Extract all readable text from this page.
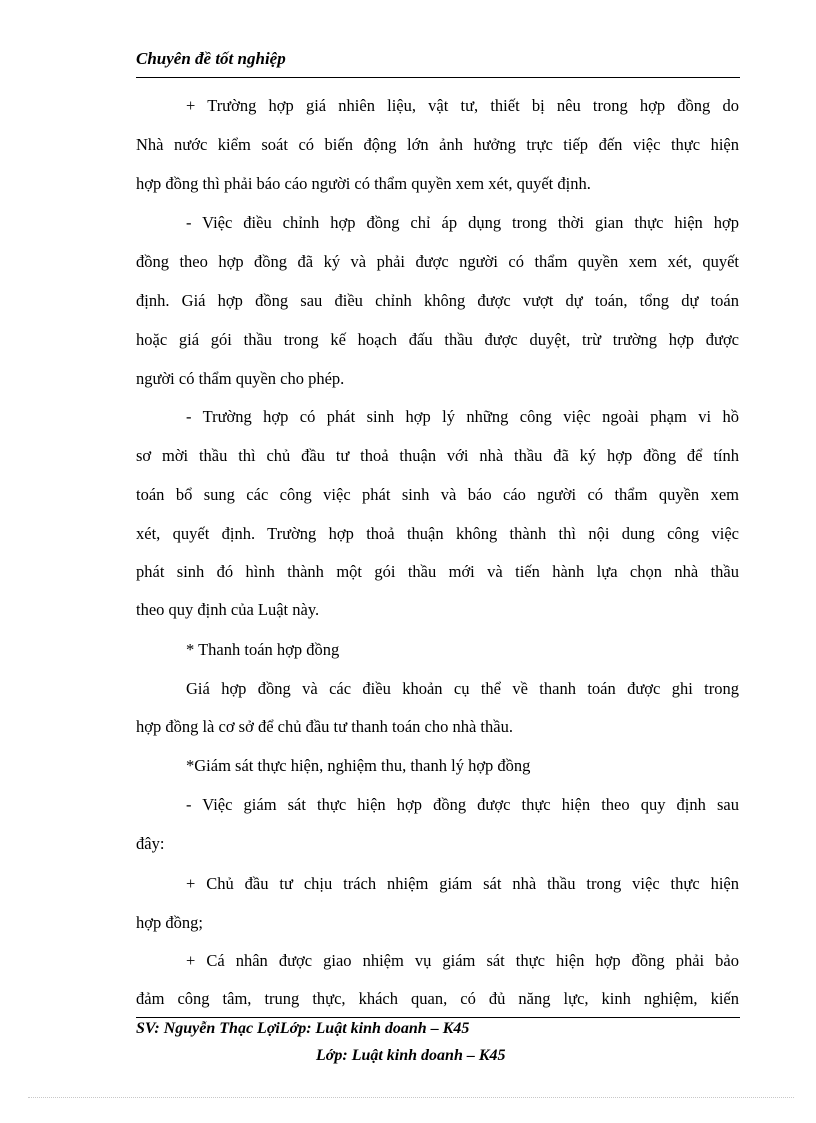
Chuyên đề tốt nghiệp
+ Trường hợp giá nhiên liệu, vật tư, thiết bị nêu trong hợp đồng do
Nhà nước kiểm soát có biến động lớn ảnh hưởng trực tiếp đến việc thực hiện
hợp đồng thì phải báo cáo người có thẩm quyền xem xét, quyết định.
- Việc điều chỉnh hợp đồng chỉ áp dụng trong thời gian thực hiện hợp
đồng theo hợp đồng đã ký và phải được người có thẩm quyền xem xét, quyết
định. Giá hợp đồng sau điều chỉnh không được vượt dự toán, tổng dự toán
hoặc giá gói thầu trong kế hoạch đấu thầu được duyệt, trừ trường hợp được
người có thẩm quyền cho phép.
- Trường hợp có phát sinh hợp lý những công việc ngoài phạm vi hồ
sơ mời thầu thì chủ đầu tư thoả thuận với nhà thầu đã ký hợp đồng để tính
toán bổ sung các công việc phát sinh và báo cáo người có thẩm quyền xem
xét, quyết định. Trường hợp thoả thuận không thành thì nội dung công việc
phát sinh đó hình thành một gói thầu mới và tiến hành lựa chọn nhà thầu
theo quy định của Luật này.
* Thanh toán hợp đồng
Giá hợp đồng và các điều khoản cụ thể về thanh toán được ghi trong
hợp đồng là cơ sở để chủ đầu tư thanh toán cho nhà thầu.
*Giám sát thực hiện, nghiệm thu, thanh lý hợp đồng
- Việc giám sát thực hiện hợp đồng được thực hiện theo quy định sau
đây:
+ Chủ đầu tư chịu trách nhiệm giám sát nhà thầu trong việc thực hiện
hợp đồng;
+ Cá nhân được giao nhiệm vụ giám sát thực hiện hợp đồng phải bảo
đảm công tâm, trung thực, khách quan, có đủ năng lực, kinh nghiệm, kiến
SV: Nguyễn Thạc LợiLớp: Luật kinh doanh – K45
Lớp: Luật kinh doanh – K45
